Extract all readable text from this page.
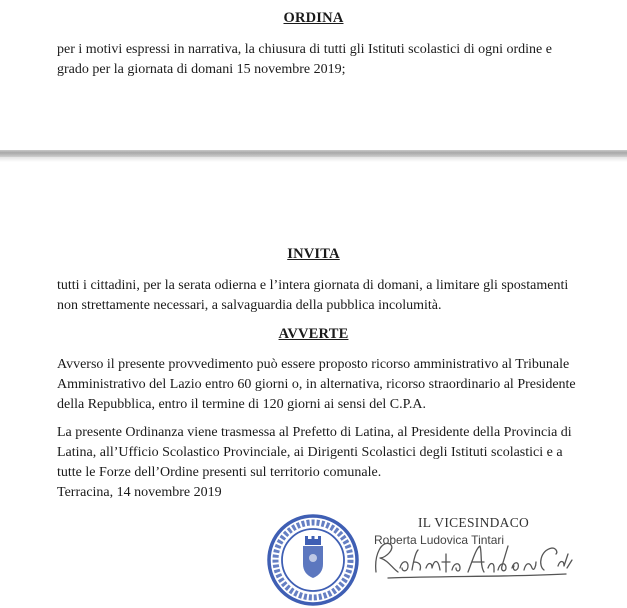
ORDINA
per i motivi espressi in narrativa, la chiusura di tutti gli Istituti scolastici di ogni ordine e
grado per la giornata di domani 15 novembre 2019;
INVITA
tutti i cittadini, per la serata odierna e l’intera giornata di domani, a limitare gli spostamenti
non strettamente necessari, a salvaguardia della pubblica incolumità.
AVVERTE
Avverso il presente provvedimento può essere proposto ricorso amministrativo al Tribunale
Amministrativo del Lazio entro 60 giorni o, in alternativa, ricorso straordinario al Presidente
della Repubblica, entro il termine di 120 giorni ai sensi del C.P.A.
La presente Ordinanza viene trasmessa al Prefetto di Latina, al Presidente della Provincia di
Latina, all’Ufficio Scolastico Provinciale, ai Dirigenti Scolastici degli Istituti scolastici e a
tutte le Forze dell’Ordine presenti sul territorio comunale.
Terracina, 14 novembre 2019
IL VICESINDACO
Roberta Ludovica Tintari
